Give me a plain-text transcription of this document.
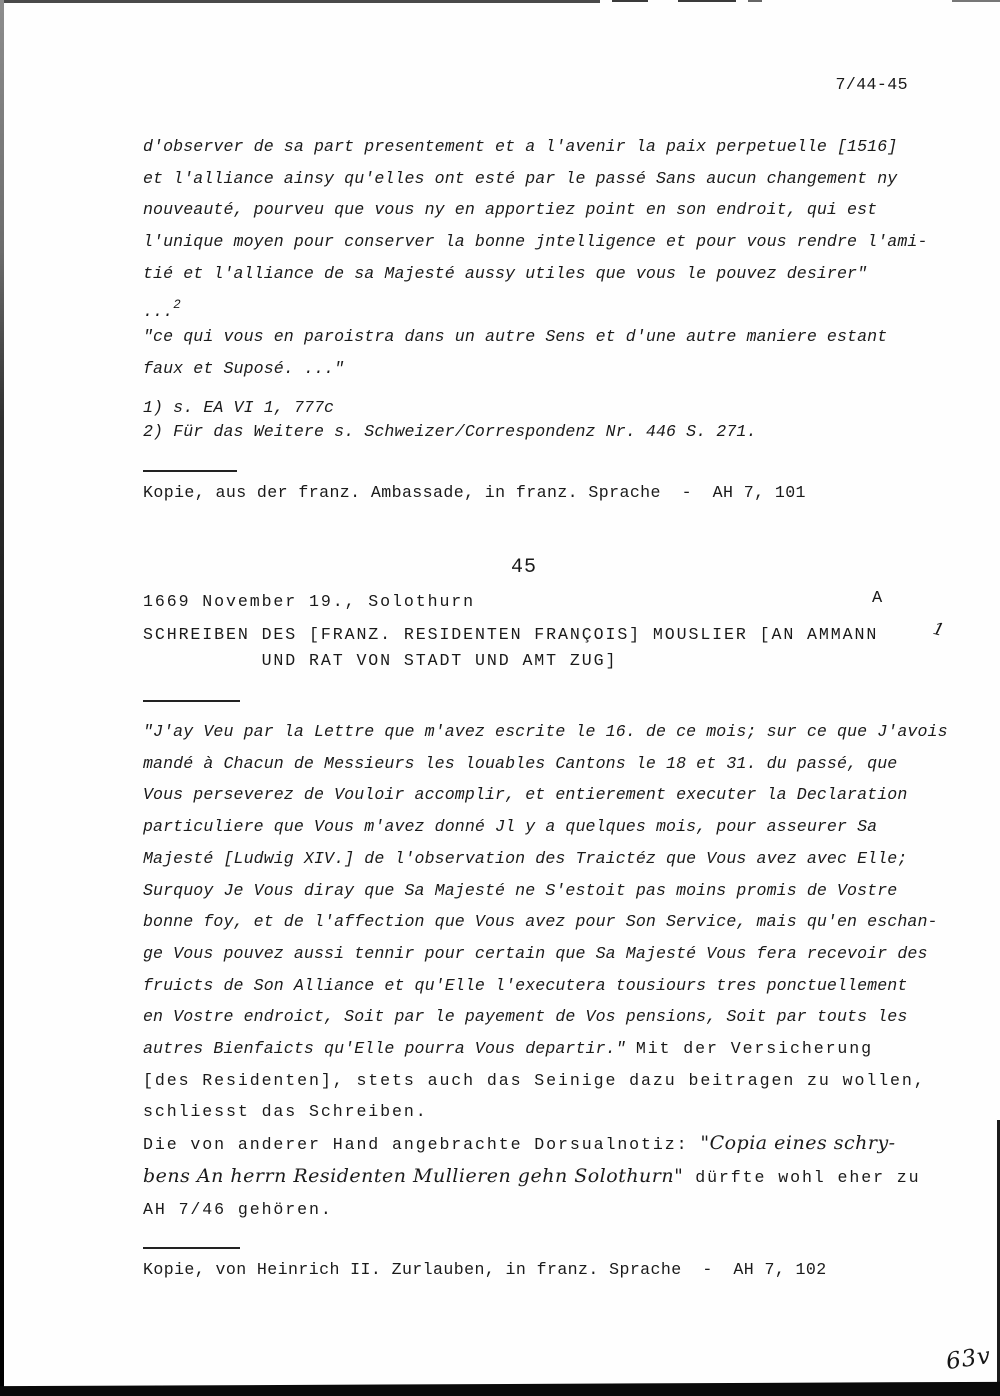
7/44-45
d'observer de sa part presentement et a l'avenir la paix perpetuelle [1516]
et l'alliance ainsy qu'elles ont esté par le passé Sans aucun changement ny
nouveauté, pourveu que vous ny en apportiez point en son endroit, qui est
l'unique moyen pour conserver la bonne jntelligence et pour vous rendre l'ami-
tié et l'alliance de sa Majesté aussy utiles que vous le pouvez desirer"
...$^2$
"ce qui vous en paroistra dans un autre Sens et d'une autre maniere estant
faux et Suposé. ..."
1) s. EA VI 1, 777c
2) Für das Weitere s. Schweizer/Correspondenz Nr. 446 S. 271.
Kopie, aus der franz. Ambassade, in franz. Sprache  -  AH 7, 101
45
1669 November 19., Solothurn	A
SCHREIBEN DES [FRANZ. RESIDENTEN FRANÇOIS] MOUSLIER [AN AMMANN
UND RAT VON STADT UND AMT ZUG]
1
"J'ay Veu par la Lettre que m'avez escrite le 16. de ce mois; sur ce que J'avois
mandé à Chacun de Messieurs les louables Cantons le 18 et 31. du passé, que
Vous perseverez de Vouloir accomplir, et entierement executer la Declaration
particuliere que Vous m'avez donné Jl y a quelques mois, pour asseurer Sa
Majesté [Ludwig XIV.] de l'observation des Traictéz que Vous avez avec Elle;
Surquoy Je Vous diray que Sa Majesté ne S'estoit pas moins promis de Vostre
bonne foy, et de l'affection que Vous avez pour Son Service, mais qu'en eschan-
ge Vous pouvez aussi tennir pour certain que Sa Majesté Vous fera recevoir des
fruicts de Son Alliance et qu'Elle l'executera tousiours tres ponctuellement
en Vostre endroict, Soit par le payement de Vos pensions, Soit par touts les
autres Bienfaicts qu'Elle pourra Vous departir." Mit der Versicherung
[des Residenten], stets auch das Seinige dazu beitragen zu wollen,
schliesst das Schreiben.
Die von anderer Hand angebrachte Dorsualnotiz: "Copia eines schry-
bens An herrn Residenten Mullieren gehn Solothurn" dürfte wohl eher zu
AH 7/46 gehören.
Kopie, von Heinrich II. Zurlauben, in franz. Sprache  -  AH 7, 102
63v
